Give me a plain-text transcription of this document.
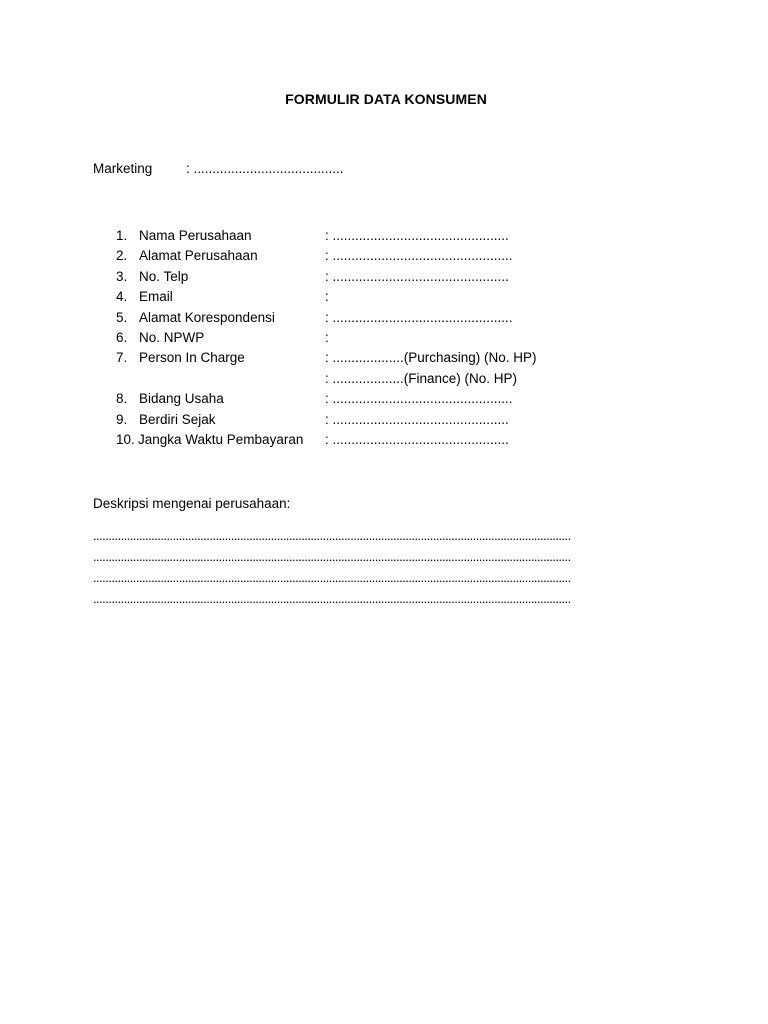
FORMULIR DATA KONSUMEN
Marketing : ........................................
1. Nama Perusahaan	: ...............................................
2. Alamat Perusahaan	: ................................................
3. No. Telp	: ...............................................
4. Email	:
5. Alamat Korespondensi	: ................................................
6. No. NPWP	:
7. Person In Charge	: ...................(Purchasing) (No. HP)
: ...................(Finance) (No. HP)
8. Bidang Usaha	: ................................................
9. Berdiri Sejak	: ...............................................
10. Jangka Waktu Pembayaran : ...............................................
Deskripsi mengenai perusahaan:
............................................................................................................................................................
............................................................................................................................................................
............................................................................................................................................................
............................................................................................................................................................
